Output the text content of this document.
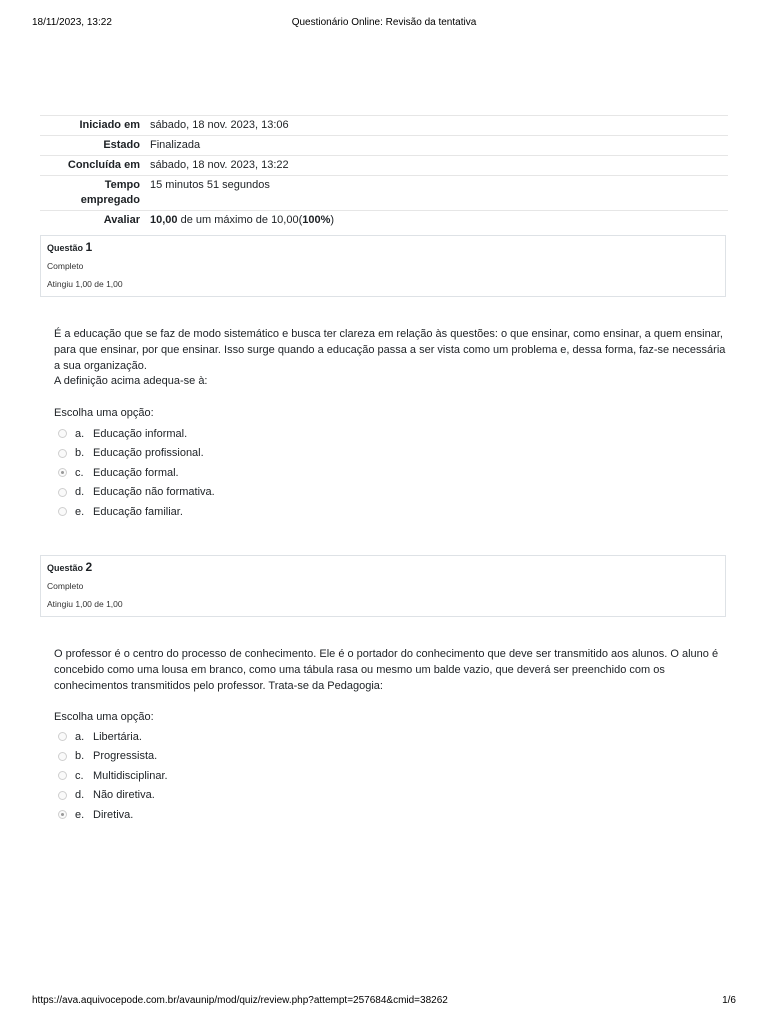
18/11/2023, 13:22	Questionário Online: Revisão da tentativa
Iniciado em	sábado, 18 nov. 2023, 13:06
Estado	Finalizada
Concluída em	sábado, 18 nov. 2023, 13:22
Tempo
empregado	15 minutos 51 segundos
Avaliar	10,00 de um máximo de 10,00(100%)
Questão 1
Completo
Atingiu 1,00 de 1,00

É a educação que se faz de modo sistemático e busca ter clareza em relação às questões: o que ensinar, como ensinar, a quem ensinar, para que ensinar, por que ensinar. Isso surge quando a educação passa a ser vista como um problema e, dessa forma, faz-se necessária a sua organização.

A definição acima adequa-se à:

Escolha uma opção:
a. Educação informal.
b. Educação profissional.
c. Educação formal.
d. Educação não formativa.
e. Educação familiar.
Questão 2
Completo
Atingiu 1,00 de 1,00

O professor é o centro do processo de conhecimento. Ele é o portador do conhecimento que deve ser transmitido aos alunos. O aluno é concebido como uma lousa em branco, como uma tábula rasa ou mesmo um balde vazio, que deverá ser preenchido com os conhecimentos transmitidos pelo professor. Trata-se da Pedagogia:

Escolha uma opção:
a. Libertária.
b. Progressista.
c. Multidisciplinar.
d. Não diretiva.
e. Diretiva.
https://ava.aquivocepode.com.br/avaunip/mod/quiz/review.php?attempt=257684&cmid=38262	1/6
